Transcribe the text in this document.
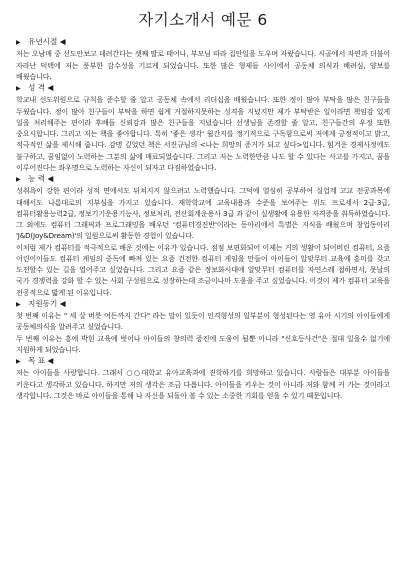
자기소개서 예문 6

▶ 유년시절 ◀

저는 오남매 중 선도안보고 데려간다는 셋째 딸로 태어나, 부모님 따라 집안일을 도우며 자랐습니다. 시골에서 자연과 더불어 자라난 덕택에 저는 풍부한 감수성을 기르게 되었습니다. 또한 많은 형제들 사이에서 공동체 의식과 배려심, 양보를 배웠습니다.

▶ 성 격 ◀

학교내 선도위원으로 규칙을 준수할 줄 알고 공동체 속에서 리더십을 배웠습니다. 또한 정이 많아 부탁을 많은 친구들을 두웠습니다. 정이 많아 친구들이 부탁을 하면 쉽게 거절하지못하는 성격을 지녔지만 제가 부탁받은 일이라면 책임감 있게 일을 처리해주는 편이라 후배들 신뢰감과 많은 친구들을 지녔습니다 선생님을 존경할 줄 알고, 친구들간의 우정 또한 중요시합니다. 그리고 저는 책을 좋아합니다. 특히 '좋은 생각' 월간지를 정기적으로 구독함으로써 저에게 긍정적이고 밝고, 적극적인 삶을 제시해 줍니다. 감명 깊었던 책은 서진규님의 <나는 희망의 증거가 되고 싶다>입니다. 힘겨운 경제사정에도 불구하고, 꿈임없이 노력하는 그분의 삶에 매료되었습니다. 그리고 저는 노력한만큼 나도 할 수 있다는 사고를 가지고, 꿈을 이루어진다는 좌우명으로 노력하는 자신이 되자고 다짐하였습니다.

▶ 능 력 ◀

성취욕이 강한 편이라 성적 면에서도 뒤쳐지지 않으려고 노력했습니다. 그덕에 열심히 공부하여 실업계 고교 전공과목에 대해서도 나름대로의 지부심을 가지고 있습니다. 재학학교에 교육내용과 수준을 보여주는 위도 프로세서 2급·3급, 컴퓨터활용능력2급, 정보기기운용기능사, 정보처리, 전산회계운용사 3급 과 같이 실생활에 유용한 자격증을 취득하였습니다. 그 외에도 컴퓨터 그래픽과 프로그래밍을 배우던 '컴퓨터경진반'이라는 동아리에서 특별은 지식을 배웠으며 창업동아리 'J&D(Joy&Dream)'의 일원으로써 활동한 경험이 있습니다.

이처럼 제가 컴퓨터를 적극적으로 배운 것에는 이유가 있습니다. 점점 보편화되어 이제는 거의 생활이 되어버린 컴퓨터, 요즘 어린이이들도 컴퓨터 게임의 중독에 빠져 있는 요즘 건전한 컴퓨터 게임을 만들어 아이들이 알맞무터 교육에 흥미를 갖고 도전할수 있는 길을 열어주고 싶었습니다. 그리고 요즘 같은 정보화시대에 알맞무터 컴퓨터를 자연스레 접하면서, 못날의 국가 경쟁력을 강화 할 수 있는 사회 구성원으로 성장하는데 조금이나마 도움을 주고 싶었습니다. 이것이 제가 컴퓨터 교육을 전공적으로 밟게 된 이유입니다.

▶ 지원동기 ◀

첫 번째 이유는 " 세 살 버릇 여든까지 간다" 라는 말이 있듯이 인격형성의 일부분이 형성된다는 영 유아 시기의 아이들에게 공동체의식을 알려주고 싶었습니다.

두 번째 이유는 흥에 박힌 교육에 벗어나 아이들의 창의력 증진에 도움이 될뿐 아니라 "신호등사건"은 절대 일을수 없기에 지원하게 되었습니다.

▶ 목 표 ◀

저는 아이들을 사랑합니다. 그래서 ○○대학교 유아교육과에 진학하기를 희망하고 있습니다. 사람들은 대부분 아이들을 키운다고 생각하고 있습니다. 하지만 저의 생각은 조금 다릅니다. 아이들을 키우는 것이 아니라 저와 함께 커 가는 것이라고 생각합니다. 그것은 바로 아이들을 통해 나 자신을 되돌아 볼 수 있는 소중한 기회를 얻을 수 있기 때문입니다.
